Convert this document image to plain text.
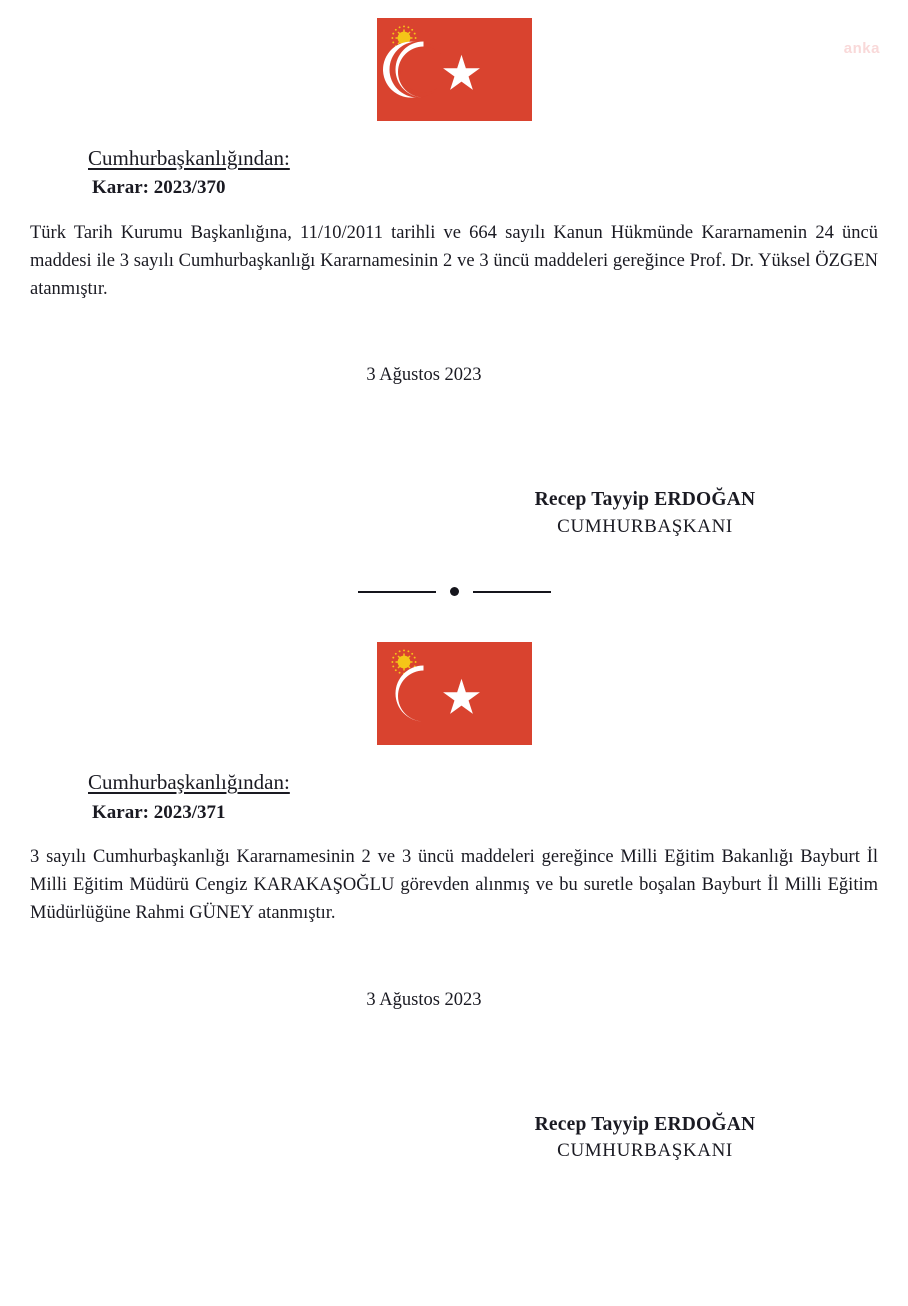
anka
Cumhurbaşkanlığından:
Karar: 2023/370
Türk Tarih Kurumu Başkanlığına, 11/10/2011 tarihli ve 664 sayılı Kanun Hükmünde Kararnamenin 24 üncü maddesi ile 3 sayılı Cumhurbaşkanlığı Kararnamesinin 2 ve 3 üncü maddeleri gereğince Prof. Dr. Yüksel ÖZGEN atanmıştır.
3 Ağustos 2023
Recep Tayyip ERDOĞAN
CUMHURBAŞKANI
Cumhurbaşkanlığından:
Karar: 2023/371
3 sayılı Cumhurbaşkanlığı Kararnamesinin 2 ve 3 üncü maddeleri gereğince Milli Eğitim Bakanlığı Bayburt İl Milli Eğitim Müdürü Cengiz KARAKAŞOĞLU görevden alınmış ve bu suretle boşalan Bayburt İl Milli Eğitim Müdürlüğüne Rahmi GÜNEY atanmıştır.
3 Ağustos 2023
Recep Tayyip ERDOĞAN
CUMHURBAŞKANI
